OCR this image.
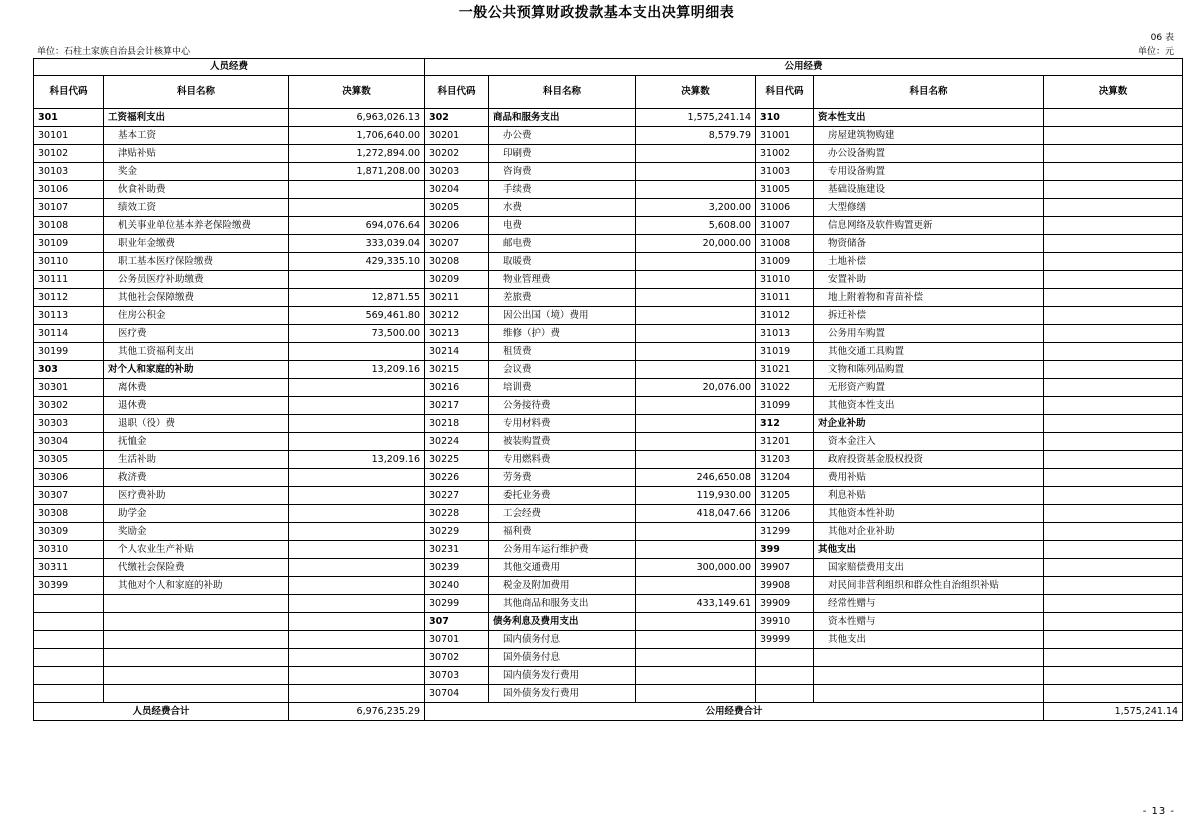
一般公共预算财政拨款基本支出决算明细表
06 表
单位：石柱土家族自治县会计核算中心	单位：元
人员经费			公用经费					
科目代码	科目名称	决算数	科目代码	科目名称	决算数	科目代码	科目名称	决算数
301	工资福利支出	6,963,026.13	302	商品和服务支出	1,575,241.14	310	资本性支出	
30101	基本工资	1,706,640.00	30201	办公费	8,579.79	31001	房屋建筑物购建	
30102	津贴补贴	1,272,894.00	30202	印刷费		31002	办公设备购置	
30103	奖金	1,871,208.00	30203	咨询费		31003	专用设备购置	
30106	伙食补助费		30204	手续费		31005	基础设施建设	
30107	绩效工资		30205	水费	3,200.00	31006	大型修缮	
30108	机关事业单位基本养老保险缴费	694,076.64	30206	电费	5,608.00	31007	信息网络及软件购置更新	
30109	职业年金缴费	333,039.04	30207	邮电费	20,000.00	31008	物资储备	
30110	职工基本医疗保险缴费	429,335.10	30208	取暖费		31009	土地补偿	
30111	公务员医疗补助缴费		30209	物业管理费		31010	安置补助	
30112	其他社会保障缴费	12,871.55	30211	差旅费		31011	地上附着物和青苗补偿	
30113	住房公积金	569,461.80	30212	因公出国（境）费用		31012	拆迁补偿	
30114	医疗费	73,500.00	30213	维修（护）费		31013	公务用车购置	
30199	其他工资福利支出		30214	租赁费		31019	其他交通工具购置	
303	对个人和家庭的补助	13,209.16	30215	会议费		31021	文物和陈列品购置	
30301	离休费		30216	培训费	20,076.00	31022	无形资产购置	
30302	退休费		30217	公务接待费		31099	其他资本性支出	
30303	退职（役）费		30218	专用材料费		312	对企业补助	
30304	抚恤金		30224	被装购置费		31201	资本金注入	
30305	生活补助	13,209.16	30225	专用燃料费		31203	政府投资基金股权投资	
30306	救济费		30226	劳务费	246,650.08	31204	费用补贴	
30307	医疗费补助		30227	委托业务费	119,930.00	31205	利息补贴	
30308	助学金		30228	工会经费	418,047.66	31206	其他资本性补助	
30309	奖励金		30229	福利费		31299	其他对企业补助	
30310	个人农业生产补贴		30231	公务用车运行维护费		399	其他支出	
30311	代缴社会保险费		30239	其他交通费用	300,000.00	39907	国家赔偿费用支出	
30399	其他对个人和家庭的补助		30240	税金及附加费用		39908	对民间非营利组织和群众性自治组织补贴	
			30299	其他商品和服务支出	433,149.61	39909	经常性赠与	
			307	债务利息及费用支出		39910	资本性赠与	
			30701	国内债务付息		39999	其他支出	
			30702	国外债务付息				
			30703	国内债务发行费用				
			30704	国外债务发行费用				
人员经费合计		6,976,235.29	公用经费合计					1,575,241.14
- 13 -
